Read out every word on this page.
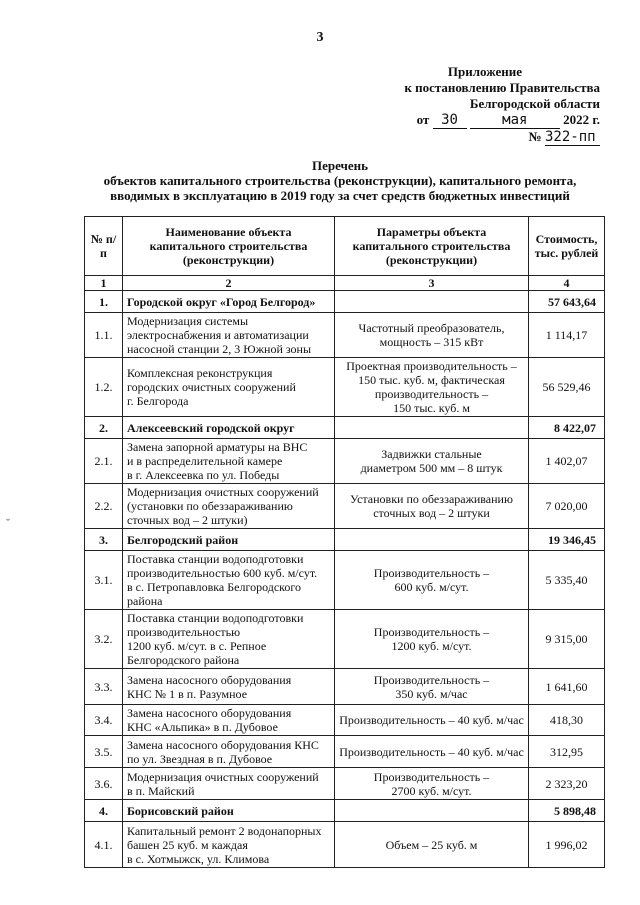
3
Приложение
к постановлению Правительства
Белгородской области
от 30	мая	2022 г.
№ 322-пп
Перечень
объектов капитального строительства (реконструкции), капитального ремонта,
вводимых в эксплуатацию в 2019 году за счет средств бюджетных инвестиций
№ п/п	Наименование объекта капитального строительства (реконструкции)	Параметры объекта капитального строительства (реконструкции)	Стоимость, тыс. рублей
1	2	3	4
1.	Городской округ «Город Белгород»		57 643,64
1.1.	Модернизация системы
электроснабжения и автоматизации
насосной станции 2, 3 Южной зоны	Частотный преобразователь,
мощность – 315 кВт	1 114,17
1.2.	Комплексная реконструкция
городских очистных сооружений
г. Белгорода	Проектная производительность –
150 тыс. куб. м, фактическая
производительность –
150 тыс. куб. м	56 529,46
2.	Алексеевский городской округ		8 422,07
2.1.	Замена запорной арматуры на ВНС
и в распределительной камере
в г. Алексеевка по ул. Победы	Задвижки стальные
диаметром 500 мм – 8 штук	1 402,07
2.2.	Модернизация очистных сооружений
(установки по обеззараживанию
сточных вод – 2 штуки)	Установки по обеззараживанию
сточных вод – 2 штуки	7 020,00
3.	Белгородский район		19 346,45
3.1.	Поставка станции водоподготовки
производительностью 600 куб. м/сут.
в с. Петропавловка Белгородского
района	Производительность –
600 куб. м/сут.	5 335,40
3.2.	Поставка станции водоподготовки
производительностью
1200 куб. м/сут. в с. Репное
Белгородского района	Производительность –
1200 куб. м/сут.	9 315,00
3.3.	Замена насосного оборудования
КНС № 1 в п. Разумное	Производительность –
350 куб. м/час	1 641,60
3.4.	Замена насосного оборудования
КНС «Альпика» в п. Дубовое	Производительность – 40 куб. м/час	418,30
3.5.	Замена насосного оборудования КНС
по ул. Звездная в п. Дубовое	Производительность – 40 куб. м/час	312,95
3.6.	Модернизация очистных сооружений
в п. Майский	Производительность –
2700 куб. м/сут.	2 323,20
4.	Борисовский район		5 898,48
4.1.	Капитальный ремонт 2 водонапорных
башен 25 куб. м каждая
в с. Хотмыжск, ул. Климова	Объем – 25 куб. м	1 996,02
ˇ
